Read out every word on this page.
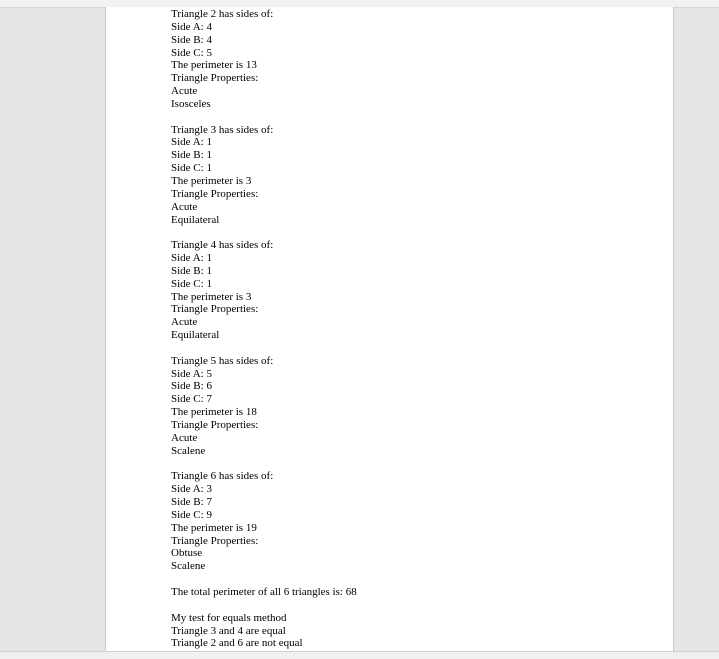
Triangle 2 has sides of:
Side A: 4
Side B: 4
Side C: 5
The perimeter is 13
Triangle Properties:
Acute
Isosceles
Triangle 3 has sides of:
Side A: 1
Side B: 1
Side C: 1
The perimeter is 3
Triangle Properties:
Acute
Equilateral
Triangle 4 has sides of:
Side A: 1
Side B: 1
Side C: 1
The perimeter is 3
Triangle Properties:
Acute
Equilateral
Triangle 5 has sides of:
Side A: 5
Side B: 6
Side C: 7
The perimeter is 18
Triangle Properties:
Acute
Scalene
Triangle 6 has sides of:
Side A: 3
Side B: 7
Side C: 9
The perimeter is 19
Triangle Properties:
Obtuse
Scalene
The total perimeter of all 6 triangles is: 68
My test for equals method
Triangle 3 and 4 are equal
Triangle 2 and 6 are not equal
